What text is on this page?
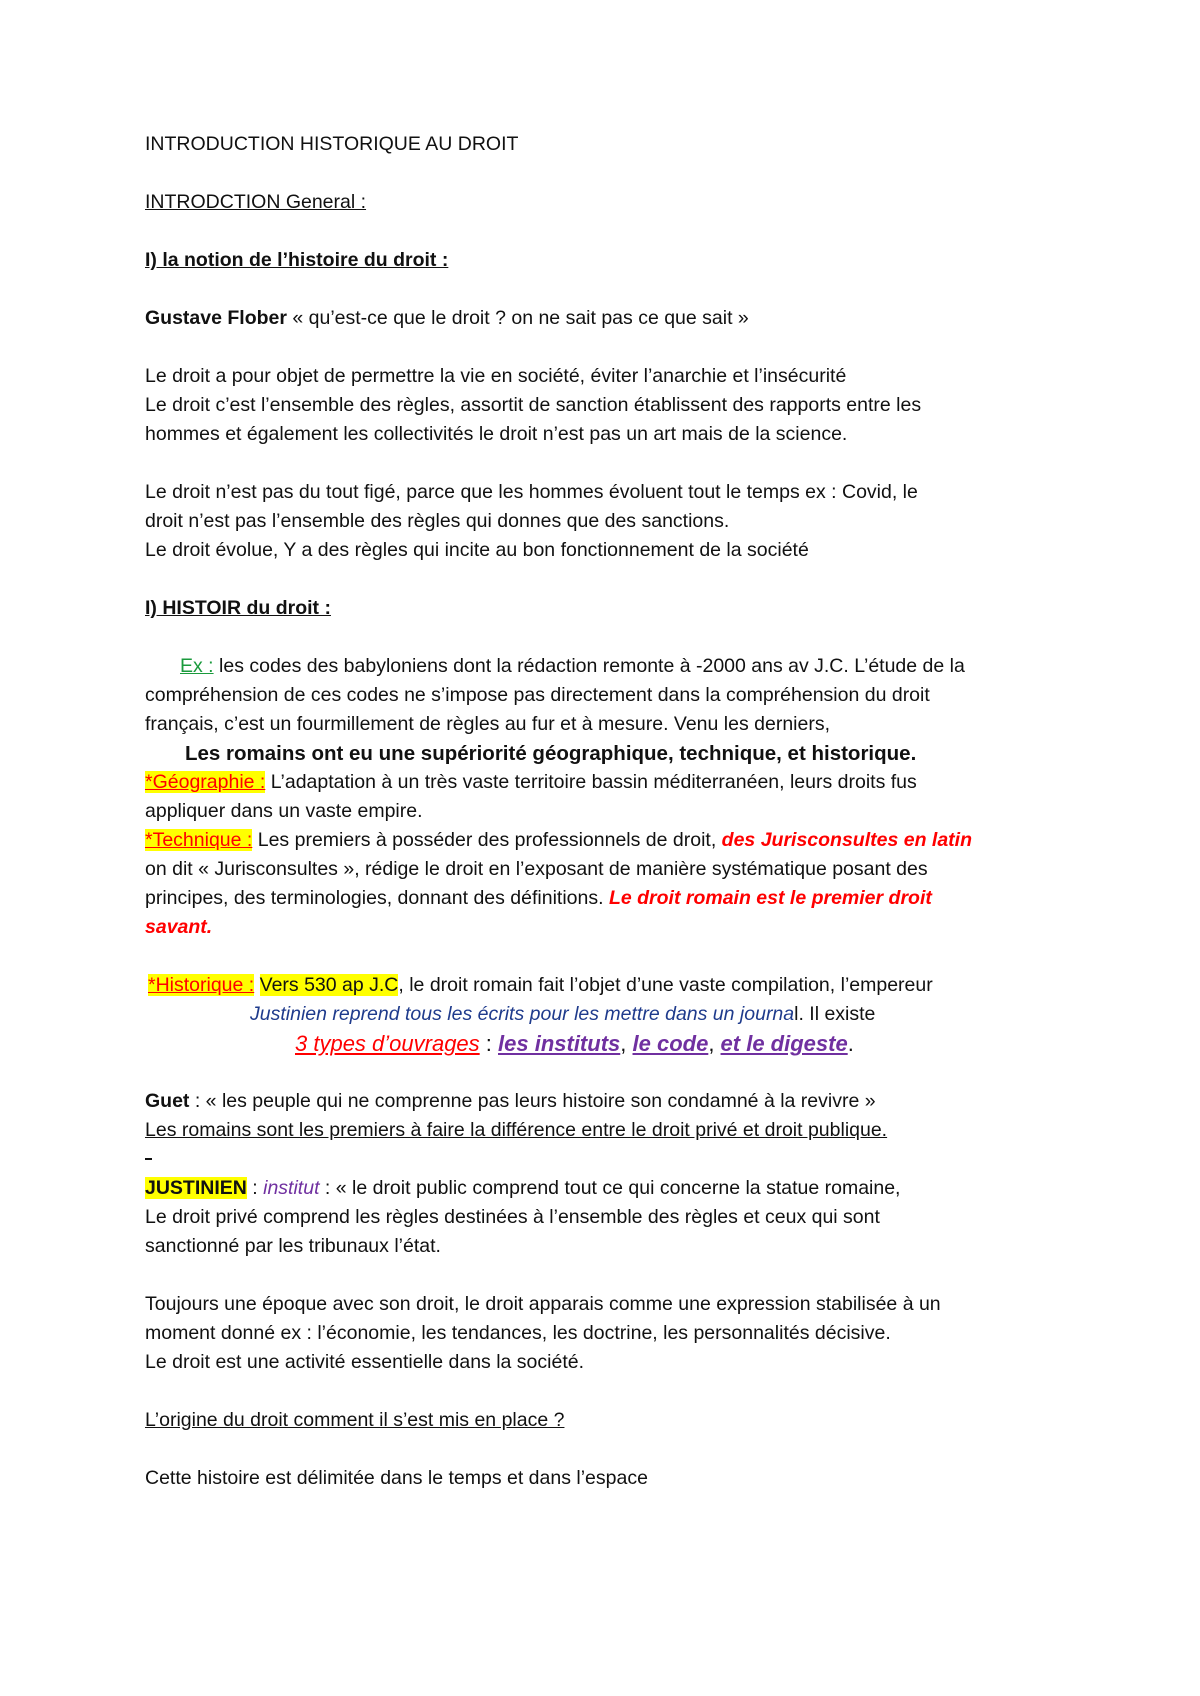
INTRODUCTION HISTORIQUE AU DROIT

INTRODCTION General :

I) la notion de l’histoire du droit :

Gustave Flober « qu’est-ce que le droit ? on ne sait pas ce que sait »

Le droit a pour objet de permettre la vie en société, éviter l’anarchie et l’insécurité

Le droit c’est l’ensemble des règles, assortit de sanction établissent des rapports entre les

hommes et également les collectivités le droit n’est pas un art mais de la science.

Le droit n’est pas du tout figé, parce que les hommes évoluent tout le temps ex : Covid, le

droit n’est pas l’ensemble des règles qui donnes que des sanctions.

Le droit évolue, Y a des règles qui incite au bon fonctionnement de la société

I) HISTOIR du droit :

Ex : les codes des babyloniens dont la rédaction remonte à -2000 ans av J.C. L’étude de la

compréhension de ces codes ne s’impose pas directement dans la compréhension du droit

français, c’est un fourmillement de règles au fur et à mesure. Venu les derniers,

Les romains ont eu une supériorité géographique, technique, et historique.

*Géographie : L’adaptation à un très vaste territoire bassin méditerranéen, leurs droits fus

appliquer dans un vaste empire.

*Technique : Les premiers à posséder des professionnels de droit, des Jurisconsultes en latin

on dit « Jurisconsultes », rédige le droit en l’exposant de manière systématique posant des

principes, des terminologies, donnant des définitions. Le droit romain est le premier droit

savant.

*Historique : Vers 530 ap J.C, le droit romain fait l’objet d’une vaste compilation, l’empereur

Justinien reprend tous les écrits pour les mettre dans un journal. Il existe

3 types d’ouvrages : les instituts, le code, et le digeste.

Guet : « les peuple qui ne comprenne pas leurs histoire son condamné à la revivre »

Les romains sont les premiers à faire la différence entre le droit privé et droit publique.

JUSTINIEN : institut : « le droit public comprend tout ce qui concerne la statue romaine,

Le droit privé comprend les règles destinées à l’ensemble des règles et ceux qui sont

sanctionné par les tribunaux l’état.

Toujours une époque avec son droit, le droit apparais comme une expression stabilisée à un

moment donné ex : l’économie, les tendances, les doctrine, les personnalités décisive.

Le droit est une activité essentielle dans la société.

L’origine du droit comment il s’est mis en place ?

Cette histoire est délimitée dans le temps et dans l’espace
